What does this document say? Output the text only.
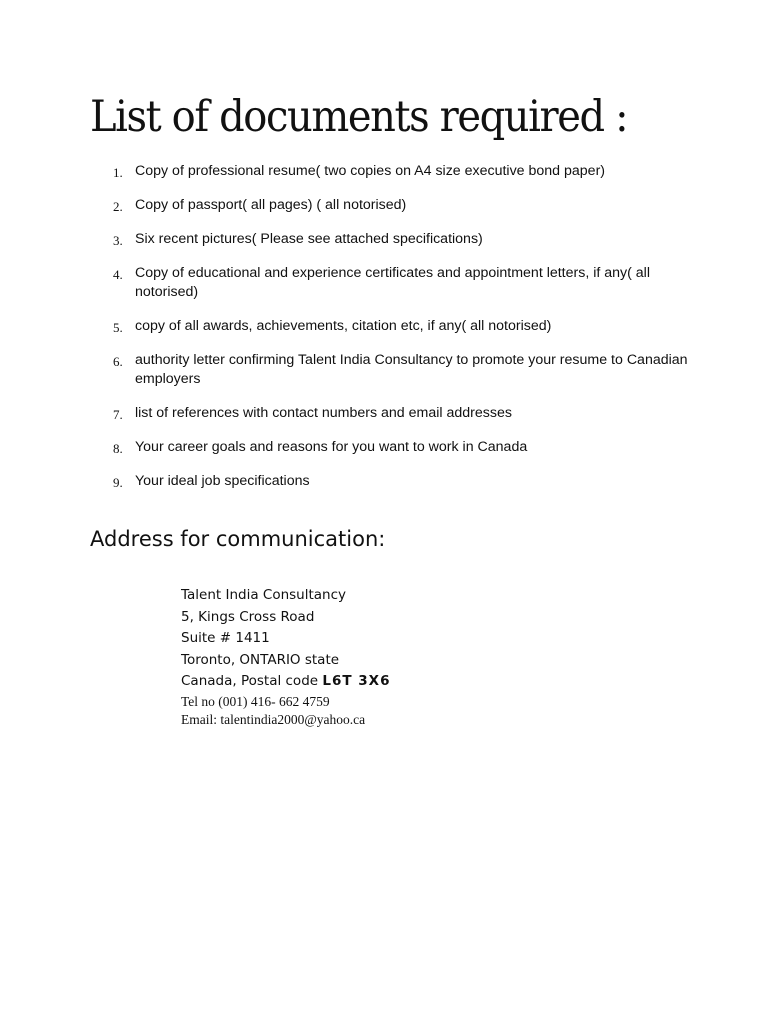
List of documents required :
1. Copy of professional resume( two copies on A4 size executive bond paper)
2. Copy of passport( all pages) ( all notorised)
3. Six recent pictures( Please see attached specifications)
4. Copy of educational and experience certificates and appointment letters, if any( all notorised)
5. copy of all awards, achievements, citation etc, if any( all notorised)
6. authority letter confirming Talent India Consultancy to promote your resume to Canadian employers
7. list of references with contact numbers and email addresses
8. Your career goals and reasons for you want to work in Canada
9. Your ideal job specifications
Address for communication:
Talent India Consultancy
5, Kings Cross Road
Suite # 1411
Toronto, ONTARIO state
Canada, Postal code L6T 3X6
Tel no (001) 416- 662 4759
Email: talentindia2000@yahoo.ca
